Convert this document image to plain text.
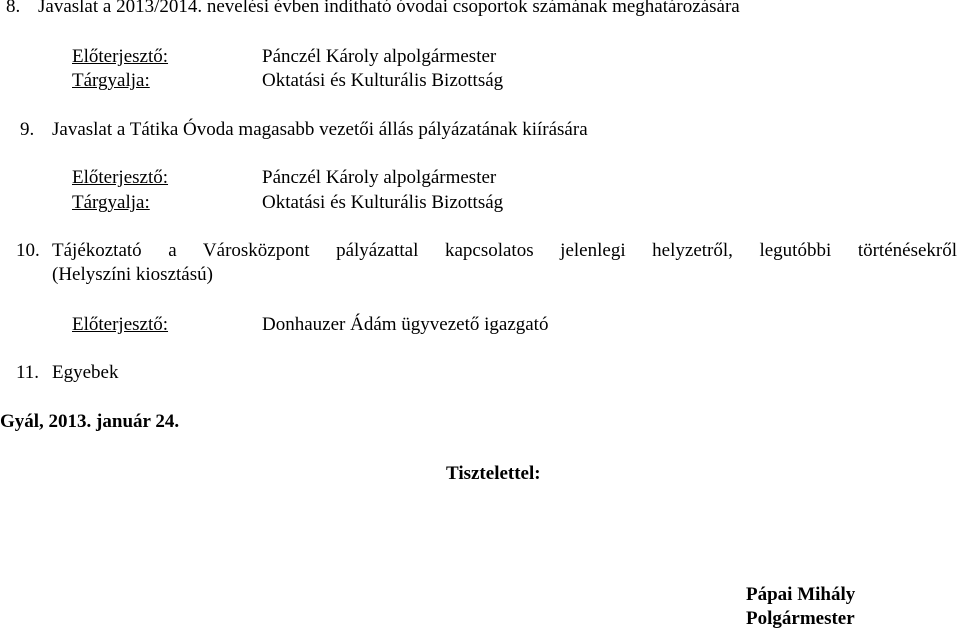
8. Javaslat a 2013/2014. nevelési évben indítható óvodai csoportok számának meghatározására
Előterjesztő:	Pánczél Károly alpolgármester
Tárgyalja:	Oktatási és Kulturális Bizottság
9. Javaslat a Tátika Óvoda magasabb vezetői állás pályázatának kiírására
Előterjesztő:	Pánczél Károly alpolgármester
Tárgyalja:	Oktatási és Kulturális Bizottság
10. Tájékoztató a Városközpont pályázattal kapcsolatos jelenlegi helyzetről, legutóbbi történésekről
(Helyszíni kiosztású)
Előterjesztő:	Donhauzer Ádám ügyvezető igazgató
11. Egyebek
Gyál, 2013. január 24.
Tisztelettel:
Pápai Mihály
Polgármester
